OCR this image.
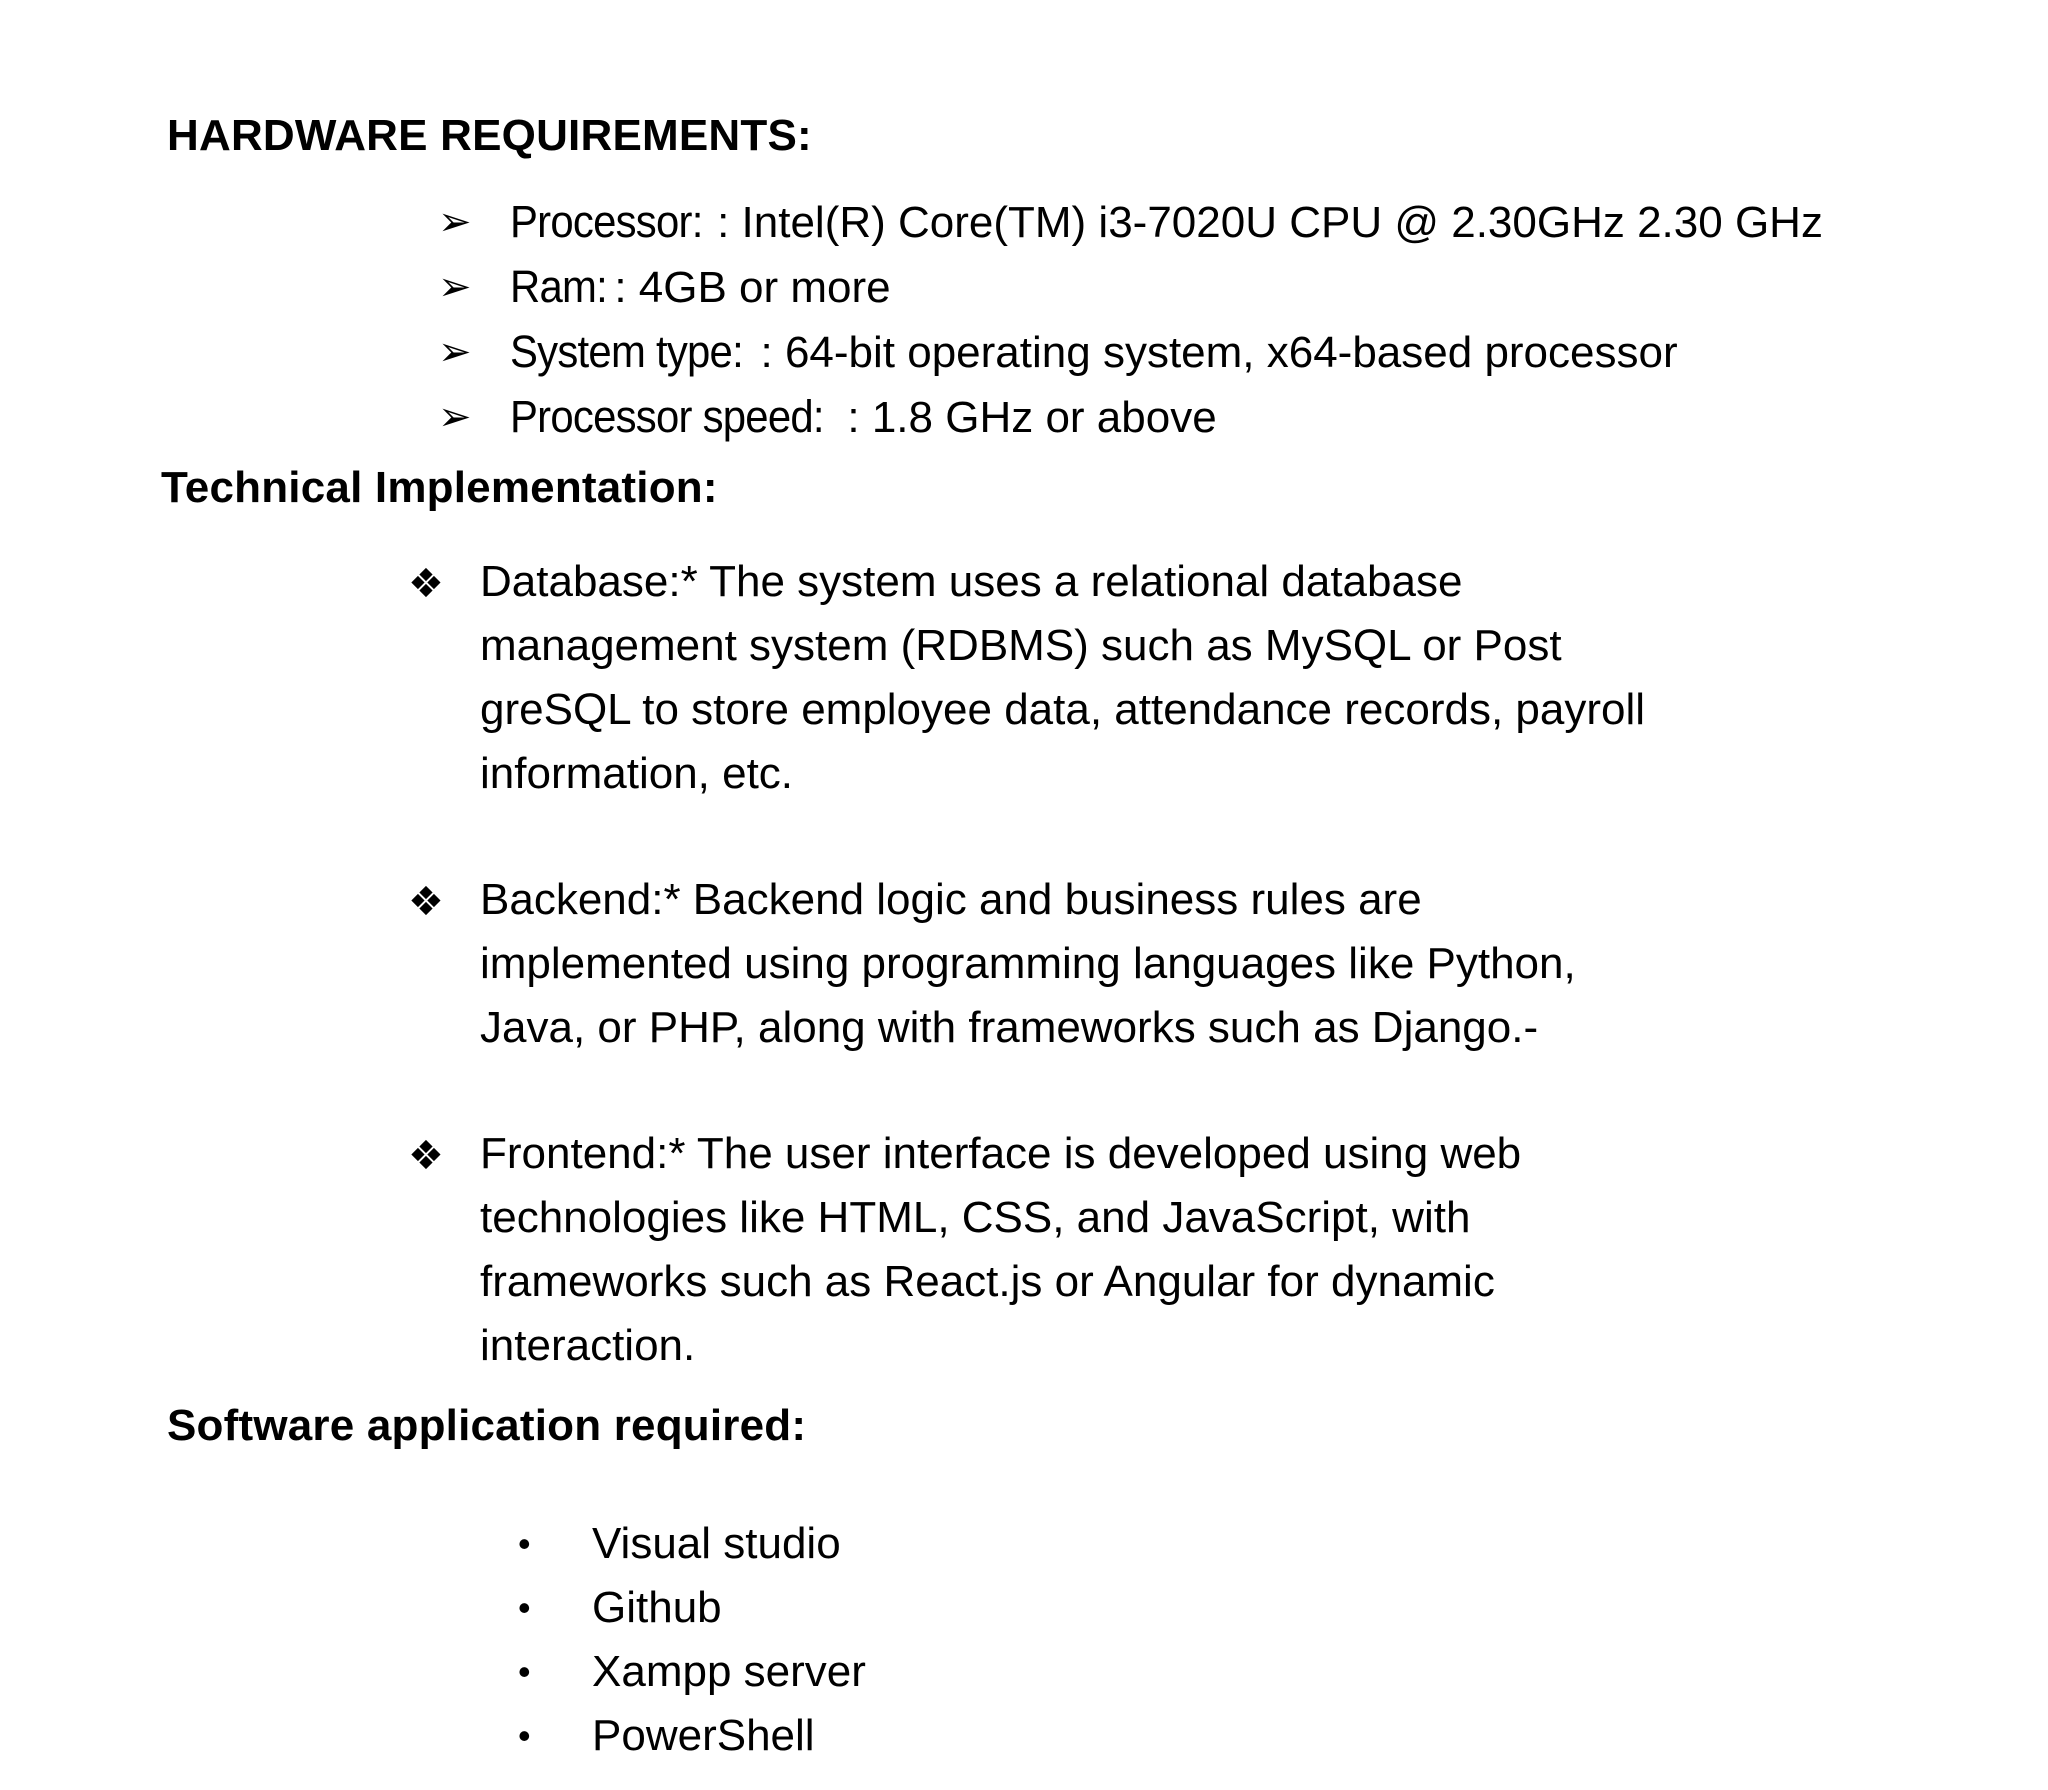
HARDWARE REQUIREMENTS:
➢ Processor: : Intel(R) Core(TM) i3-7020U CPU @ 2.30GHz 2.30 GHz
➢ Ram: : 4GB or more
➢ System type: : 64-bit operating system, x64-based processor
➢ Processor speed: : 1.8 GHz or above
Technical Implementation:
❖ Database:* The system uses a relational database
management system (RDBMS) such as MySQL or Post
greSQL to store employee data, attendance records, payroll
information, etc.
❖ Backend:* Backend logic and business rules are
implemented using programming languages like Python,
Java, or PHP, along with frameworks such as Django.-
❖ Frontend:* The user interface is developed using web
technologies like HTML, CSS, and JavaScript, with
frameworks such as React.js or Angular for dynamic
interaction.
Software application required:
• Visual studio
• Github
• Xampp server
• PowerShell
